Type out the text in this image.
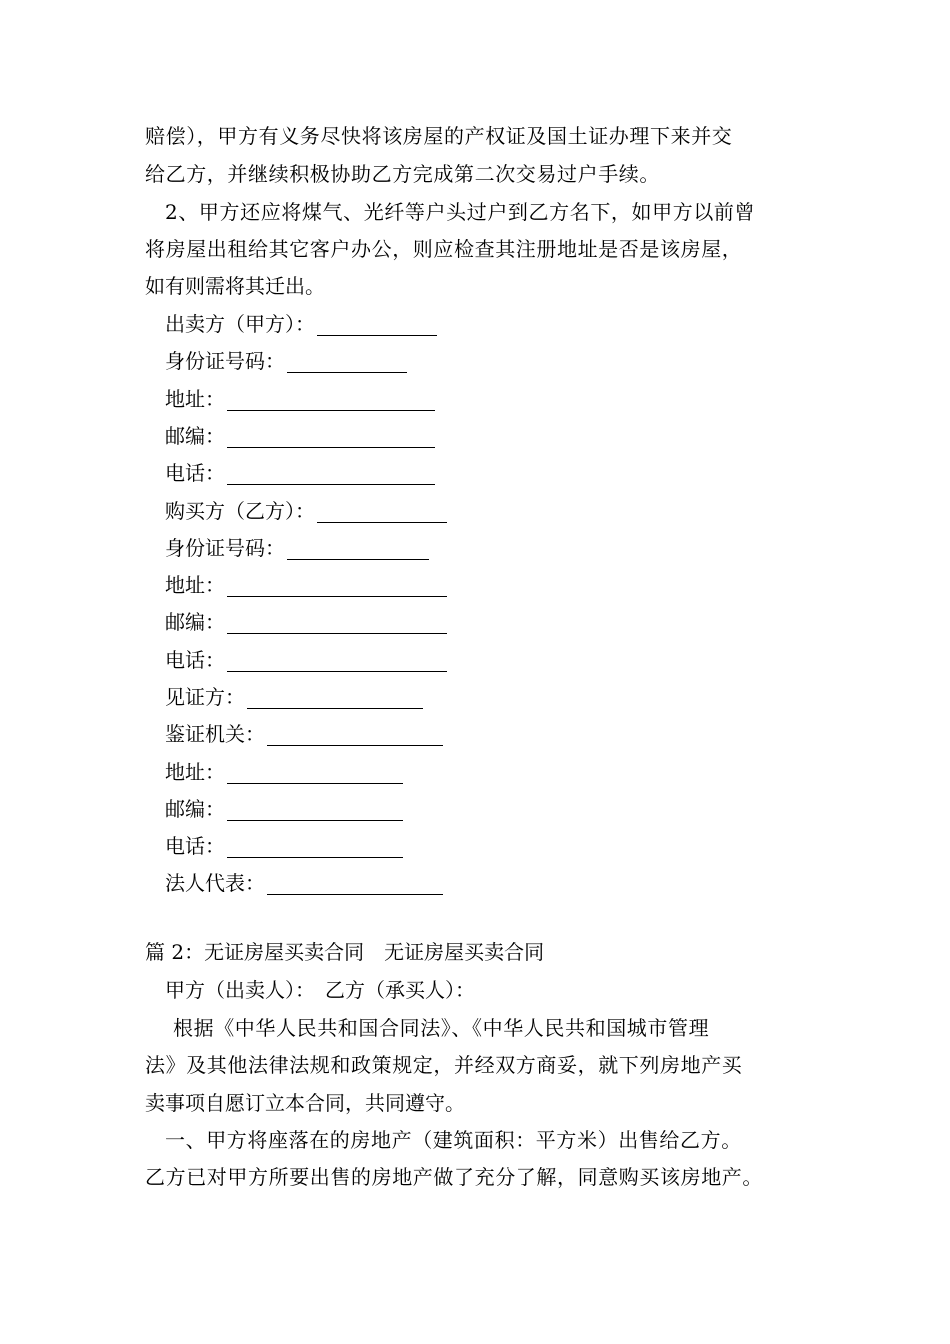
赔偿），甲方有义务尽快将该房屋的产权证及国土证办理下来并交
给乙方，并继续积极协助乙方完成第二次交易过户手续。
2、甲方还应将煤气、光纤等户头过户到乙方名下，如甲方以前曾
将房屋出租给其它客户办公，则应检查其注册地址是否是该房屋，
如有则需将其迁出。
出卖方（甲方）：
身份证号码：
地址：
邮编：
电话：
购买方（乙方）：
身份证号码：
地址：
邮编：
电话：
见证方：
鉴证机关：
地址：
邮编：
电话：
法人代表：
篇 2：无证房屋买卖合同　无证房屋买卖合同
甲方（出卖人）：　乙方（承买人）：
根据《中华人民共和国合同法》、《中华人民共和国城市管理
法》及其他法律法规和政策规定，并经双方商妥，就下列房地产买
卖事项自愿订立本合同，共同遵守。
一、甲方将座落在的房地产（建筑面积：平方米）出售给乙方。
乙方已对甲方所要出售的房地产做了充分了解，同意购买该房地产。
